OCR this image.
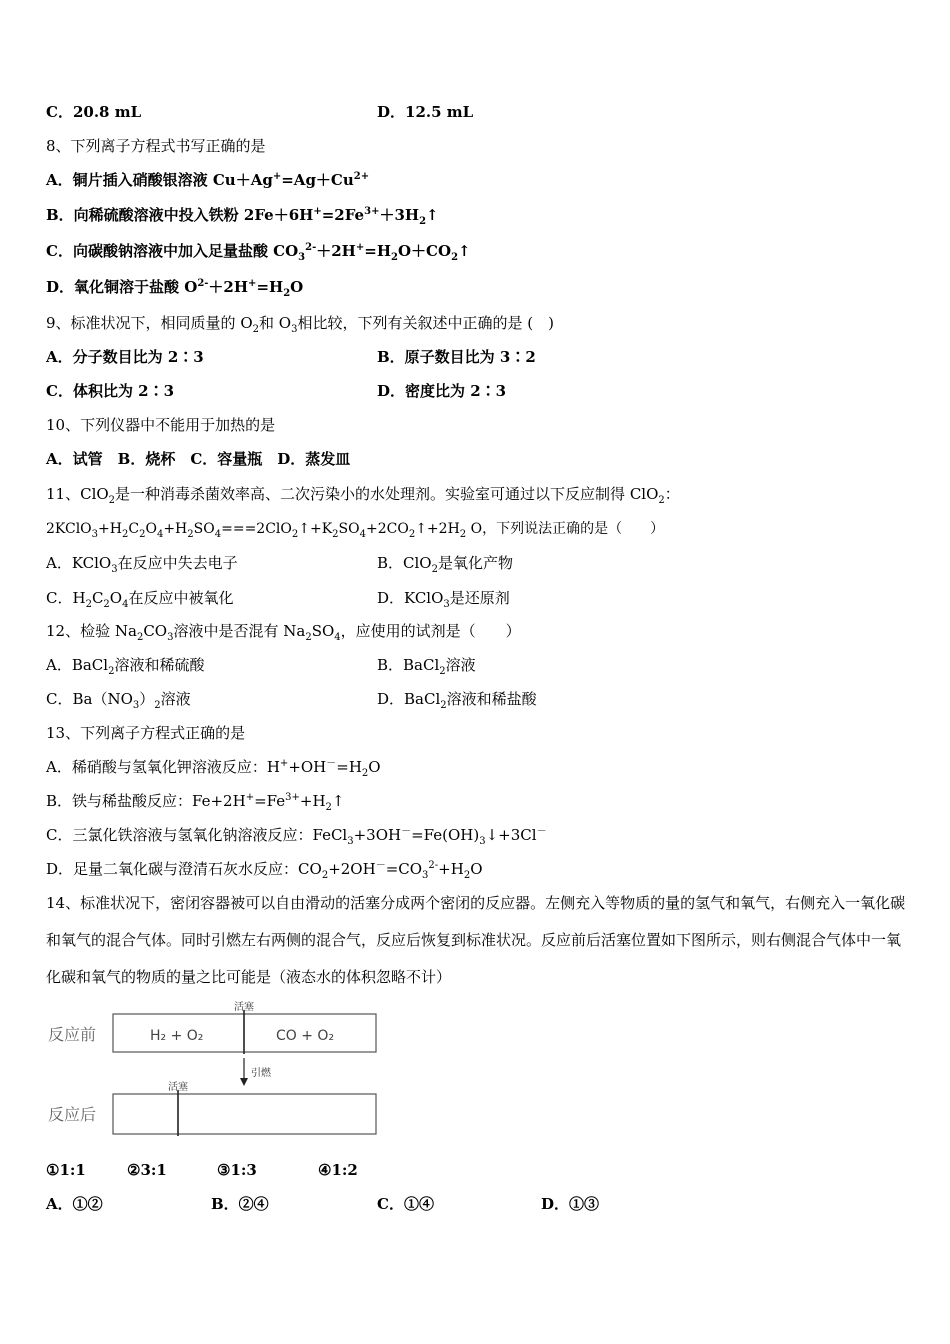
C．20.8 mL	D．12.5 mL
8、下列离子方程式书写正确的是
A．铜片插入硝酸银溶液 $Cu+Ag^+=Ag+Cu^{2+}$
B．向稀硫酸溶液中投入铁粉 $2Fe+6H^+=2Fe^{3+}+3H_2↑$
C．向碳酸钠溶液中加入足量盐酸 $CO_3^{2-}+2H^+=H_2O+CO_2↑$
D．氧化铜溶于盐酸 $O^{2-}+2H^+=H_2O$
9、标准状况下，相同质量的 $O_2$和 $O_3$相比较，下列有关叙述中正确的是 (　)
A．分子数目比为 2∶3	B．原子数目比为 3∶2
C．体积比为 2∶3	D．密度比为 2∶3
10、下列仪器中不能用于加热的是
A．试管　B．烧杯　C．容量瓶　D．蒸发皿
11、ClO$_2$是一种消毒杀菌效率高、二次污染小的水处理剂。实验室可通过以下反应制得 ClO$_2$：
$2KClO_3+H_2C_2O_4+H_2SO_4===2ClO_2↑+K_2SO_4+2CO_2↑+2H_2$ O，下列说法正确的是（　　）
A．KClO$_3$在反应中失去电子	B．ClO$_2$是氧化产物
C．$H_2C_2O_4$在反应中被氧化	D．KClO$_3$是还原剂
12、检验 $Na_2CO_3$溶液中是否混有 $Na_2SO_4$，应使用的试剂是（　　）
A．BaCl$_2$溶液和稀硫酸	B．BaCl$_2$溶液
C．$Ba(NO_3)_2$溶液	D．BaCl$_2$溶液和稀盐酸
13、下列离子方程式正确的是
A．稀硝酸与氢氧化钾溶液反应：$H^++OH^-=H_2O$
B．铁与稀盐酸反应：$Fe+2H^+=Fe^{3+}+H_2↑$
C．三氯化铁溶液与氢氧化钠溶液反应：$FeCl_3+3OH^-=Fe(OH)_3↓+3Cl^-$
D．足量二氧化碳与澄清石灰水反应：$CO_2+2OH^-=CO_3^{2-}+H_2O$
14、标准状况下，密闭容器被可以自由滑动的活塞分成两个密闭的反应器。左侧充入等物质的量的氢气和氧气，右侧充入一氧化碳和氧气的混合气体。同时引燃左右两侧的混合气，反应后恢复到标准状况。反应前后活塞位置如下图所示，则右侧混合气体中一氧化碳和氧气的物质的量之比可能是（液态水的体积忽略不计）
反应前
活塞
H₂ + O₂	CO + O₂
引燃
反应后
活塞
①1:1	②3:1	③1:3	④1:2
A．①②	B．②④	C．①④	D．①③
